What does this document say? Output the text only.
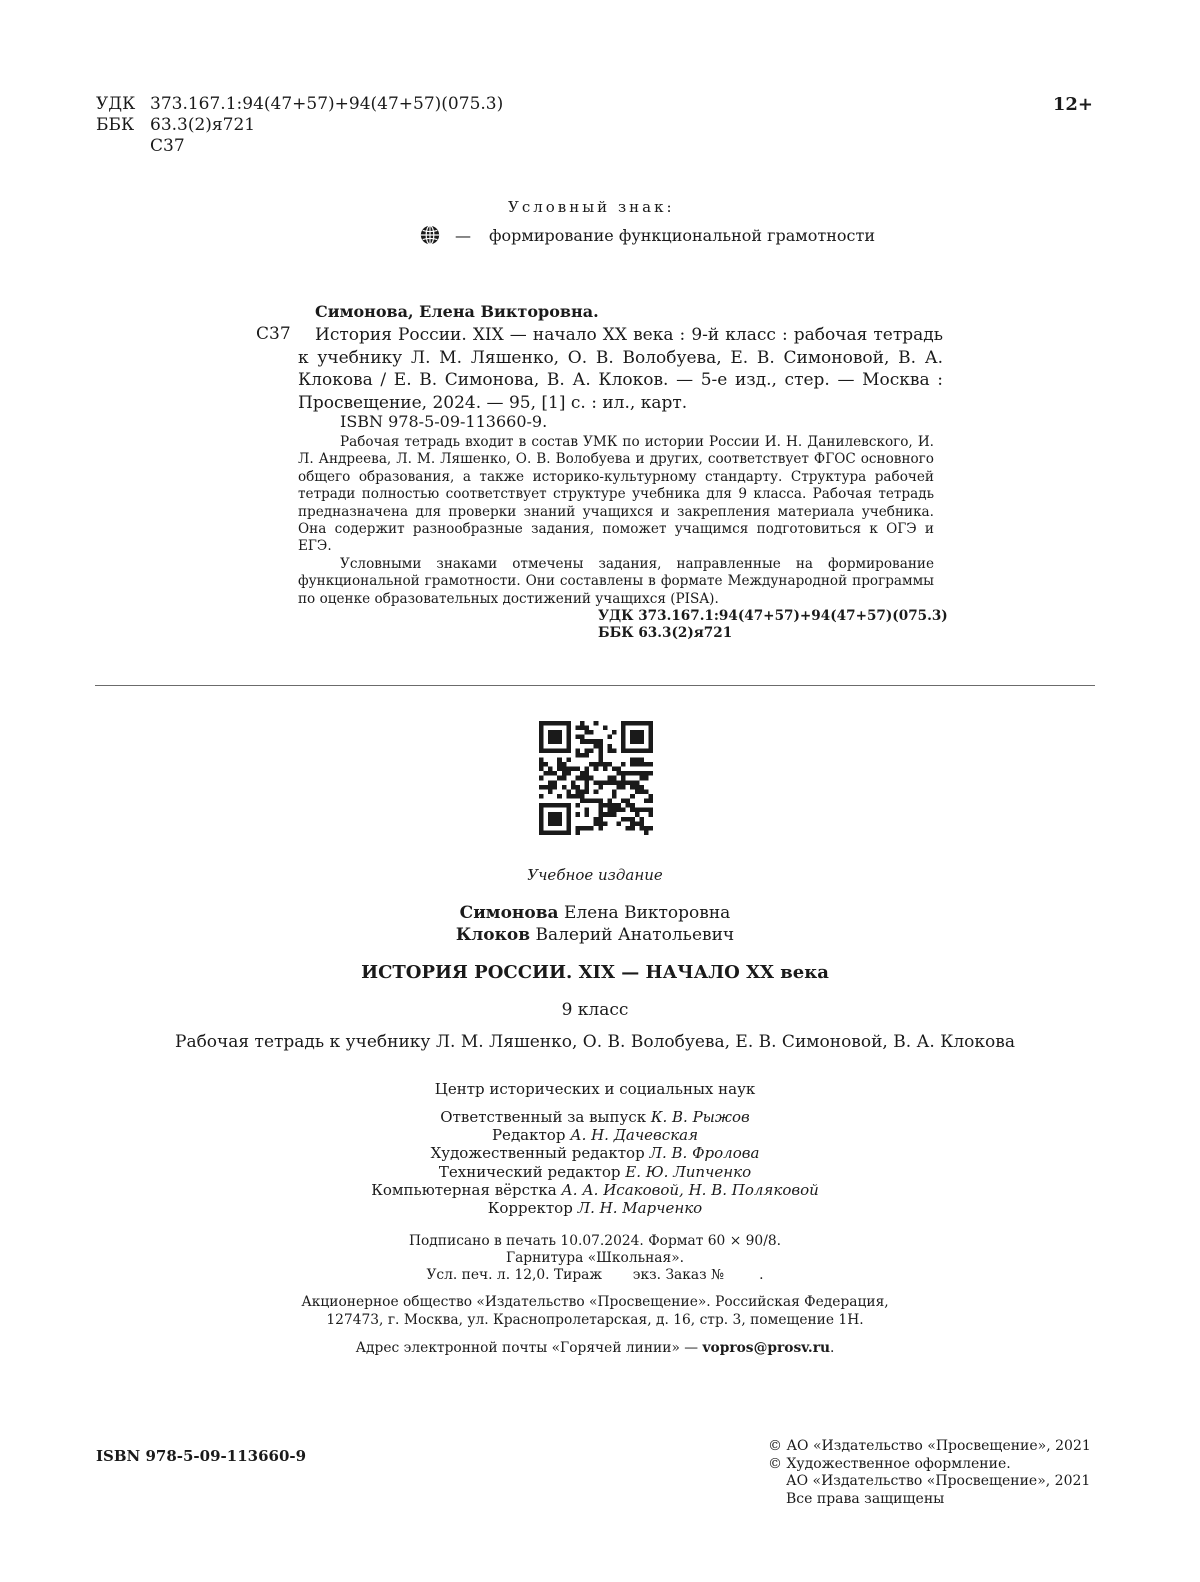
УДК 373.167.1:94(47+57)+94(47+57)(075.3)
ББК 63.3(2)я721
С37
12+
Условный знак:
— формирование функциональной грамотности
Симонова, Елена Викторовна.
С37	История России. XIX — начало XX века : 9-й класс : рабочая тетрадь к учебнику Л. М. Ляшенко, О. В. Волобуева, Е. В. Симоновой, В. А. Клокова / Е. В. Симонова, В. А. Клоков. — 5-е изд., стер. — Москва : Просвещение, 2024. — 95, [1] с. : ил., карт.
ISBN 978-5-09-113660-9.

Рабочая тетрадь входит в состав УМК по истории России И. Н. Данилевского, И. Л. Андреева, Л. М. Ляшенко, О. В. Волобуева и других, соответствует ФГОС основного общего образования, а также историко-культурному стандарту. Структура рабочей тетради полностью соответствует структуре учебника для 9 класса. Рабочая тетрадь предназначена для проверки знаний учащихся и закрепления материала учебника. Она содержит разнообразные задания, поможет учащимся подготовиться к ОГЭ и ЕГЭ.

Условными знаками отмечены задания, направленные на формирование функциональной грамотности. Они составлены в формате Международной программы по оценке образовательных достижений учащихся (PISA).

УДК 373.167.1:94(47+57)+94(47+57)(075.3)
ББК 63.3(2)я721
Учебное издание
Симонова Елена Викторовна
Клоков Валерий Анатольевич
ИСТОРИЯ РОССИИ. XIX — НАЧАЛО XX века
9 класс
Рабочая тетрадь к учебнику Л. М. Ляшенко, О. В. Волобуева, Е. В. Симоновой, В. А. Клокова
Центр исторических и социальных наук
Ответственный за выпуск К. В. Рыжов
Редактор А. Н. Дачевская
Художественный редактор Л. В. Фролова
Технический редактор Е. Ю. Липченко
Компьютерная вёрстка А. А. Исаковой, Н. В. Поляковой
Корректор Л. Н. Марченко
Подписано в печать 10.07.2024. Формат 60 × 90/8.
Гарнитура «Школьная».
Усл. печ. л. 12,0. Тираж       экз. Заказ №        .
Акционерное общество «Издательство «Просвещение». Российская Федерация,
127473, г. Москва, ул. Краснопролетарская, д. 16, стр. 3, помещение 1Н.
Адрес электронной почты «Горячей линии» — vopros@prosv.ru.
ISBN 978-5-09-113660-9
© АО «Издательство «Просвещение», 2021
© Художественное оформление.
АО «Издательство «Просвещение», 2021
Все права защищены
